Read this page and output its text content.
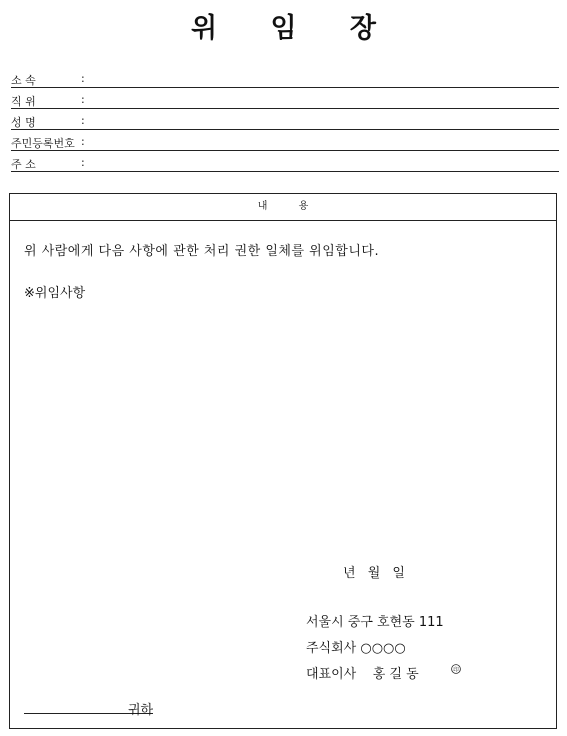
위 임 장
소 속	:
직 위	:
성 명	:
주민등록번호 :
주 소	:
내 용
위 사람에게 다음 사항에 관한 처리 권한 일체를 위임합니다.
※위임사항
년 월 일
서울시 중구 호현동 111
주식회사 ○○○○
대표이사    홍 길 동	印
귀하
